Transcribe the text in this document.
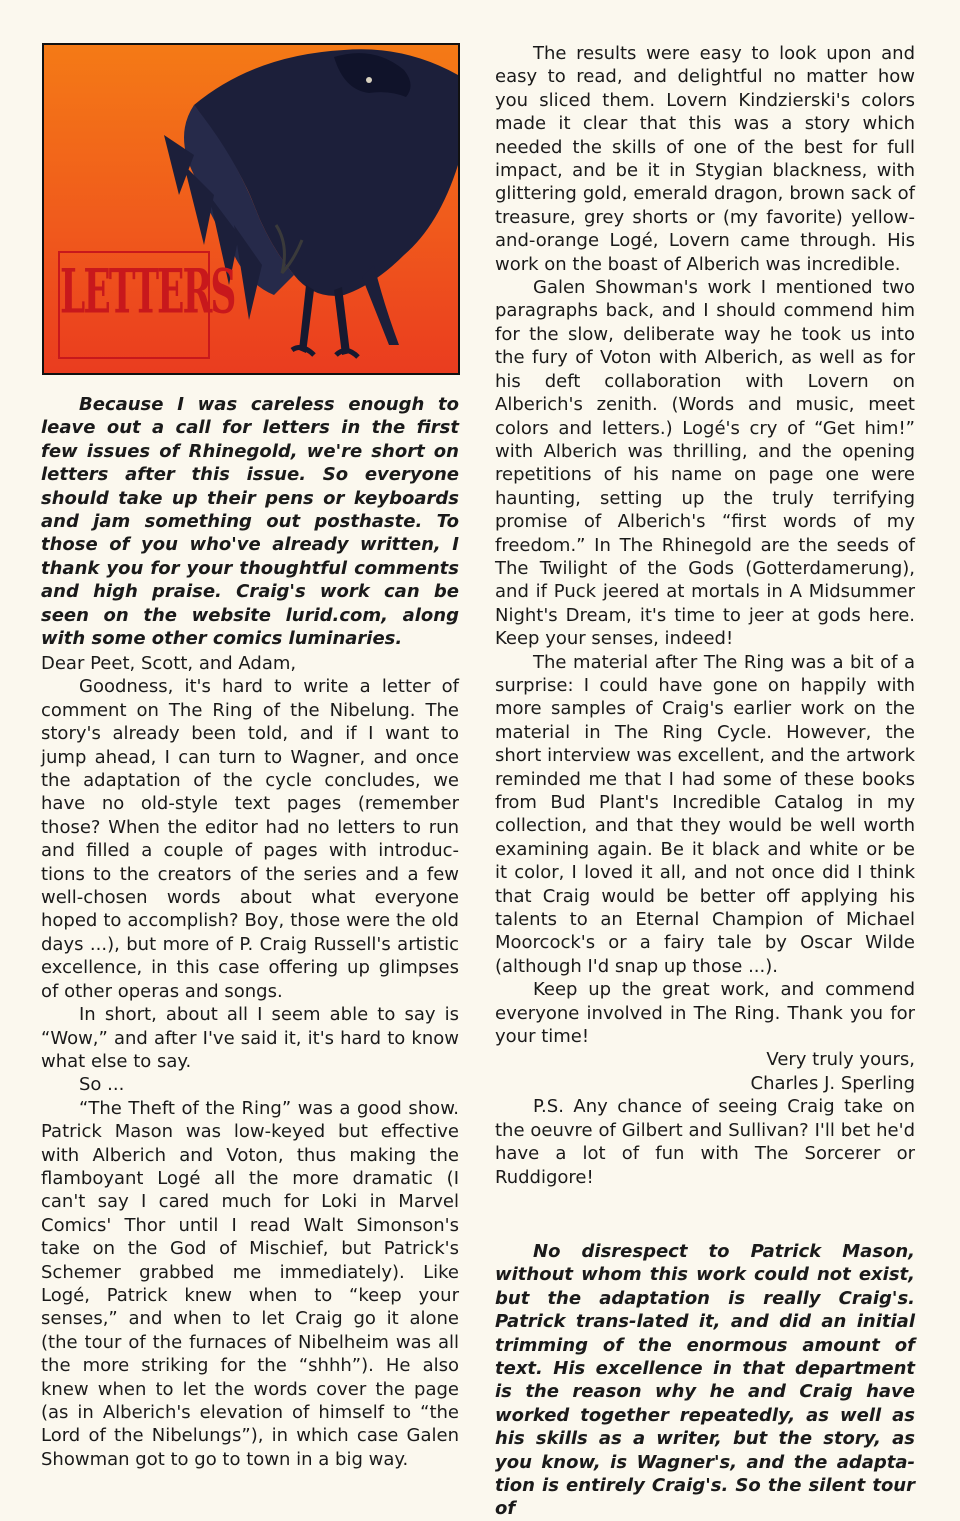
LETTERS

Because I was careless enough to leave out a call for letters in the first few issues of Rhinegold, we're short on letters after this issue. So everyone should take up their pens or keyboards and jam something out posthaste. To those of you who've already written, I thank you for your thoughtful comments and high praise. Craig's work can be seen on the website lurid.com, along with some other comics luminaries.

Dear Peet, Scott, and Adam,

Goodness, it's hard to write a letter of comment on The Ring of the Nibelung. The story's already been told, and if I want to jump ahead, I can turn to Wagner, and once the adaptation of the cycle concludes, we have no old-style text pages (remember those? When the editor had no letters to run and filled a couple of pages with introduc-tions to the creators of the series and a few well-chosen words about what everyone hoped to accomplish? Boy, those were the old days ...), but more of P. Craig Russell's artistic excellence, in this case offering up glimpses of other operas and songs.

In short, about all I seem able to say is “Wow,” and after I've said it, it's hard to know what else to say.

So ...

“The Theft of the Ring” was a good show. Patrick Mason was low-keyed but effective with Alberich and Voton, thus making the flamboyant Logé all the more dramatic (I can't say I cared much for Loki in Marvel Comics' Thor until I read Walt Simonson's take on the God of Mischief, but Patrick's Schemer grabbed me immediately). Like Logé, Patrick knew when to “keep your senses,” and when to let Craig go it alone (the tour of the furnaces of Nibelheim was all the more striking for the “shhh”). He also knew when to let the words cover the page (as in Alberich's elevation of himself to “the Lord of the Nibelungs”), in which case Galen Showman got to go to town in a big way.

The results were easy to look upon and easy to read, and delightful no matter how you sliced them. Lovern Kindzierski's colors made it clear that this was a story which needed the skills of one of the best for full impact, and be it in Stygian blackness, with glittering gold, emerald dragon, brown sack of treasure, grey shorts or (my favorite) yellow-and-orange Logé, Lovern came through. His work on the boast of Alberich was incredible.

Galen Showman's work I mentioned two paragraphs back, and I should commend him for the slow, deliberate way he took us into the fury of Voton with Alberich, as well as for his deft collaboration with Lovern on Alberich's zenith. (Words and music, meet colors and letters.) Logé's cry of “Get him!” with Alberich was thrilling, and the opening repetitions of his name on page one were haunting, setting up the truly terrifying promise of Alberich's “first words of my freedom.” In The Rhinegold are the seeds of The Twilight of the Gods (Gotterdamerung), and if Puck jeered at mortals in A Midsummer Night's Dream, it's time to jeer at gods here. Keep your senses, indeed!

The material after The Ring was a bit of a surprise: I could have gone on happily with more samples of Craig's earlier work on the material in The Ring Cycle. However, the short interview was excellent, and the artwork reminded me that I had some of these books from Bud Plant's Incredible Catalog in my collection, and that they would be well worth examining again. Be it black and white or be it color, I loved it all, and not once did I think that Craig would be better off applying his talents to an Eternal Champion of Michael Moorcock's or a fairy tale by Oscar Wilde (although I'd snap up those ...).

Keep up the great work, and commend everyone involved in The Ring. Thank you for your time!

Very truly yours,

Charles J. Sperling

P.S. Any chance of seeing Craig take on the oeuvre of Gilbert and Sullivan? I'll bet he'd have a lot of fun with The Sorcerer or Ruddigore!

No disrespect to Patrick Mason, without whom this work could not exist, but the adaptation is really Craig's. Patrick trans-lated it, and did an initial trimming of the enormous amount of text. His excellence in that department is the reason why he and Craig have worked together repeatedly, as well as his skills as a writer, but the story, as you know, is Wagner's, and the adapta-tion is entirely Craig's. So the silent tour of
